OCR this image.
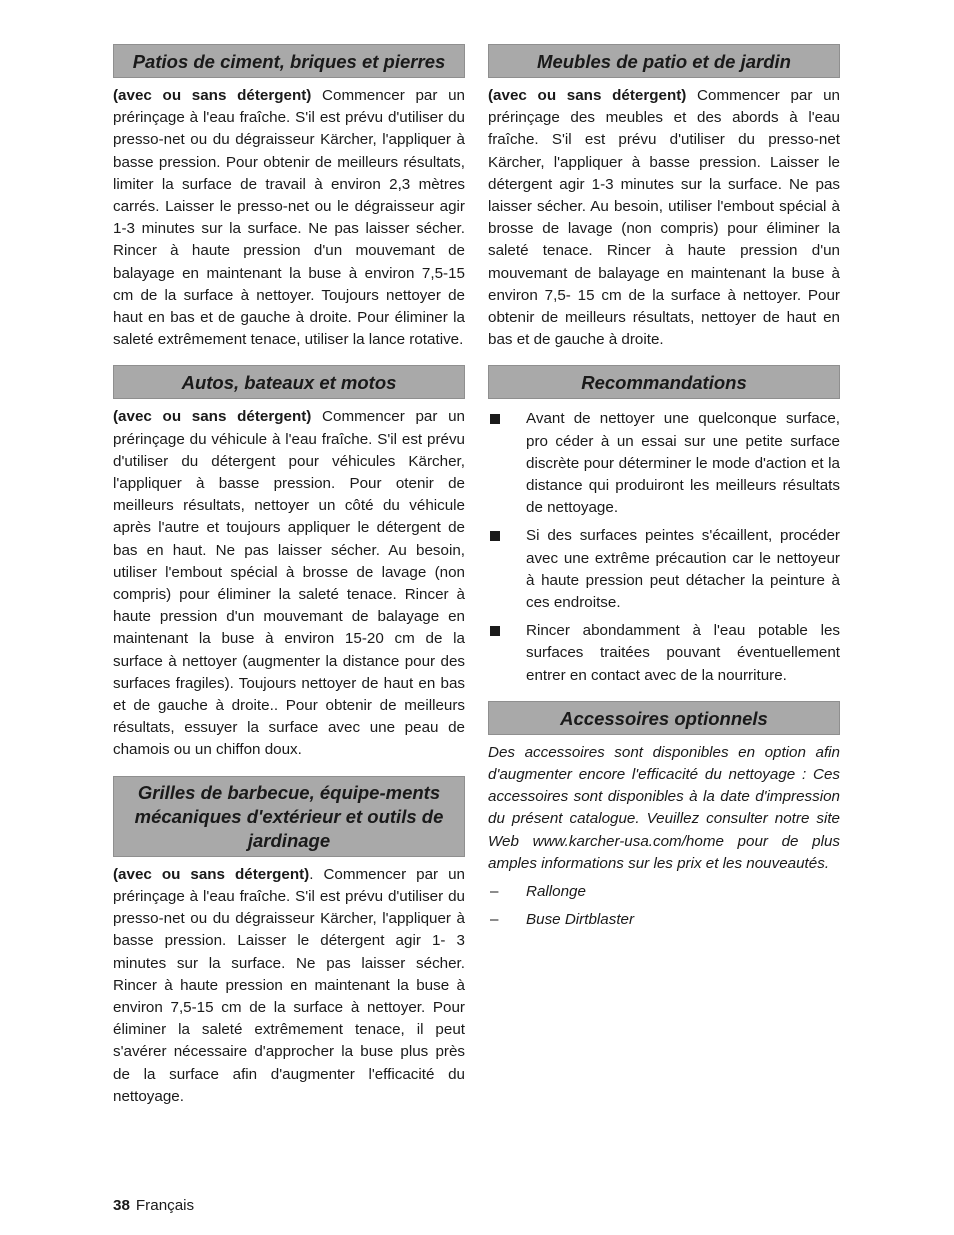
Patios de ciment, briques et pierres

(avec ou sans détergent) Commencer par un prérinçage à l'eau fraîche. S'il est prévu d'utiliser du presso-net ou du dégraisseur Kärcher, l'appliquer à basse pression. Pour obtenir de meilleurs résultats, limiter la surface de travail à environ 2,3 mètres carrés. Laisser le presso-net ou le dégraisseur agir 1-3 minutes sur la surface. Ne pas laisser sécher. Rincer à haute pression d'un mouvemant de balayage en maintenant la buse à environ 7,5-15 cm de la surface à nettoyer. Toujours nettoyer de haut en bas et de gauche à droite. Pour éliminer la saleté extrêmement tenace, utiliser la lance rotative.

Autos, bateaux et motos

(avec ou sans détergent) Commencer par un prérinçage du véhicule à l'eau fraîche. S'il est prévu d'utiliser du détergent pour véhicules Kärcher, l'appliquer à basse pression. Pour otenir de meilleurs résultats, nettoyer un côté du véhicule après l'autre et toujours appliquer le détergent de bas en haut. Ne pas laisser sécher. Au besoin, utiliser l'embout spécial à brosse de lavage (non compris) pour éliminer la saleté tenace. Rincer à haute pression d'un mouvemant de balayage en maintenant la buse à environ 15-20 cm de la surface à nettoyer (augmenter la distance pour des surfaces fragiles). Toujours nettoyer de haut en bas et de gauche à droite.. Pour obtenir de meilleurs résultats, essuyer la surface avec une peau de chamois ou un chiffon doux.

Grilles de barbecue, équipe-ments mécaniques d'extérieur et outils de jardinage

(avec ou sans détergent). Commencer par un prérinçage à l'eau fraîche. S'il est prévu d'utiliser du presso-net ou du dégraisseur Kärcher, l'appliquer à basse pression. Laisser le détergent agir 1- 3 minutes sur la surface. Ne pas laisser sécher. Rincer à haute pression en maintenant la buse à environ 7,5-15 cm de la surface à nettoyer. Pour éliminer la saleté extrêmement tenace, il peut s'avérer nécessaire d'approcher la buse plus près de la surface afin d'augmenter l'efficacité du nettoyage.

Meubles de patio et de jardin

(avec ou sans détergent) Commencer par un prérinçage des meubles et des abords à l'eau fraîche. S'il est prévu d'utiliser du presso-net Kärcher, l'appliquer à basse pression. Laisser le détergent agir 1-3 minutes sur la surface. Ne pas laisser sécher. Au besoin, utiliser l'embout spécial à brosse de lavage (non compris) pour éliminer la saleté tenace. Rincer à haute pression d'un mouvemant de balayage en maintenant la buse à environ 7,5- 15 cm de la surface à nettoyer. Pour obtenir de meilleurs résultats, nettoyer de haut en bas et de gauche à droite.

Recommandations
Avant de nettoyer une quelconque surface, pro céder à un essai sur une petite surface discrète pour déterminer le mode d'action et la distance qui produiront les meilleurs résultats de nettoyage.
Si des surfaces peintes s'écaillent, procéder avec une extrême précaution car le nettoyeur à haute pression peut détacher la peinture à ces endroitse.
Rincer abondamment à l'eau potable les surfaces traitées pouvant éventuellement entrer en contact avec de la nourriture.
Accessoires optionnels

Des accessoires sont disponibles en option afin d'augmenter encore l'efficacité du nettoyage : Ces accessoires sont disponibles à la date d'impression du présent catalogue. Veuillez consulter notre site Web www.karcher-usa.com/home pour de plus amples informations sur les prix et les nouveautés.

– Rallonge
– Buse Dirtblaster
38 Français
